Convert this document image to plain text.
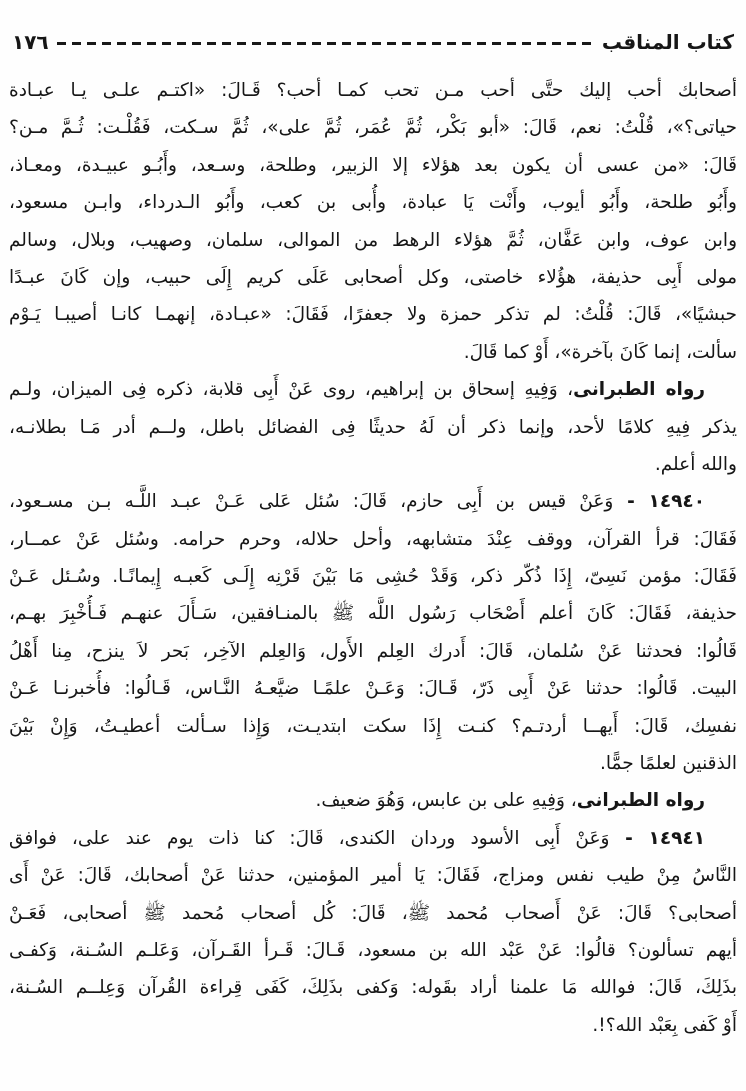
١٧٦	كتاب المناقب
أصحابك أحب إليك حتَّى أحب مـن تحب كمـا أحب؟ قَـالَ: «اكتـم علـى يـا عبـادة
حياتى؟»، قُلْتُ: نعم، قَالَ: «أبو بَكْر، ثُمَّ عُمَر، ثُمَّ على»، ثُمَّ سـكت، فَقُلْـت: ثُـمَّ مـن؟
قَالَ: «من عسى أن يكون بعد هؤلاء إلا الزبير، وطلحة، وسـعد، وأَبُـو عبيـدة، ومعـاذ،
وأَبُو طلحة، وأَبُو أيوب، وأَنْت يَا عبادة، وأُبى بن كعب، وأَبُو الـدرداء، وابـن مسعود،
وابن عوف، وابن عَفَّان، ثُمَّ هؤلاء الرهط من الموالى، سلمان، وصهيب، وبلال، وسالم
مولى أَبِى حذيفة، هؤُلاء خاصتى، وكل أصحابى عَلَى كريم إِلَى حبيب، وإن كَانَ عبـدًا
حبشيًا»، قَالَ: قُلْتُ: لم تذكر حمزة ولا جعفرًا، فَقَالَ: «عبـادة، إنهمـا كانـا أصيبـا يَـوْم
سألت، إنما كَانَ بآخرة»، أَوْ كما قَالَ.
رواه الطبرانى، وَفِيهِ إسحاق بن إبراهيم، روى عَنْ أَبِى قلابة، ذكره فِى الميزان، ولـم
يذكر فِيهِ كلامًا لأحد، وإنما ذكر أن لَهُ حديثًا فِى الفضائل باطل، ولــم أدر مَـا بطلانـه،
والله أعلم.
١٤٩٤٠ - وَعَنْ قيس بن أَبِى حازم، قَالَ: سُئل عَلى عَـنْ عبـد اللَّـه بـن مسـعود،
فَقَالَ: قرأ القرآن، ووقف عِنْدَ متشابهه، وأحل حلاله، وحرم حرامه. وسُئل عَنْ عمــار،
فَقَالَ: مؤمن نَسِىّ، إِذَا ذُكّر ذكر، وَقَدْ حُشِى مَا بَيْنَ قَرْنِه إِلَـى كَعبـه إِيمانًـا. وسُـئل عَـنْ
حذيفة، فَقَالَ: كَانَ أعلم أَصْحَاب رَسُول اللَّه ﷺ بالمنـافقين، سَـأَلَ عنهـم فَـأُخْبِرَ بهـم،
قَالُوا: فحدثنا عَنْ سُلمان، قَالَ: أَدرك العِلم الأَول، وَالعِلم الآخِر، بَحر لاَ ينزح، مِنا أَهْلُ
البيت. قَالُوا: حدثنا عَنْ أَبِى ذَرّ، قَـالَ: وَعَـنْ علمًـا ضيَّعـهُ النَّـاس، قَـالُوا: فأُخبرنـا عَـنْ
نفسِك، قَالَ: أَيهــا أردتـم؟ كنـت إِذَا سكت ابتديـت، وَإِذا سـألت أعطيـتُ، وَإِنْ بَيْنَ
الذقنين لعلمًا جمًّا.
رواه الطبرانى، وَفِيهِ على بن عابس، وَهُوَ ضعيف.
١٤٩٤١ - وَعَنْ أَبِى الأسود وردان الكندى، قَالَ: كنا ذات يوم عند على، فوافق
النَّاسُ مِنْ طيب نفس ومزاج، فَقَالَ: يَا أمير المؤمنين، حدثنا عَنْ أصحابك، قَالَ: عَنْ أَى
أصحابى؟ قَالَ: عَنْ أَصحاب مُحمد ﷺ، قَالَ: كُل أصحاب مُحمد ﷺ أصحابى، فَعَـنْ
أيهم تسألون؟ قالُوا: عَنْ عَبْد الله بن مسعود، قَـالَ: قَـرأ القَـرآن، وَعَلـم السُـنة، وَكفـى
بذَلِكَ، قَالَ: فوالله مَا علمنا أراد بقَوله: وَكفى بذَلِكَ، كَفَى قِراءة القُرآن وَعِلــم السُـنة،
أَوْ كَفى بِعَبْد الله؟!.
